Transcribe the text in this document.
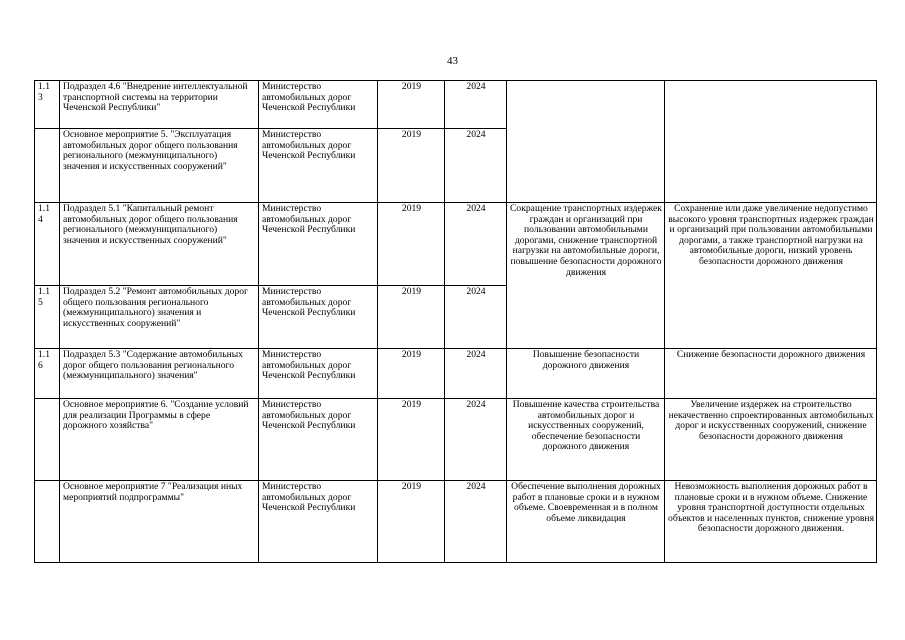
43
1.1
3	Подраздел 4.6 "Внедрение интеллектуальной транспортной системы на территории Чеченской Республики"	Министерство автомобильных дорог Чеченской Республики	2019	2024		
	Основное мероприятие 5. "Эксплуатация автомобильных дорог общего пользования регионального (межмуниципального) значения и искусственных сооружений"	Министерство автомобильных дорог Чеченской Республики	2019	2024		
1.1
4	Подраздел 5.1 "Капитальный ремонт автомобильных дорог общего пользования регионального (межмуниципального) значения и искусственных сооружений"	Министерство автомобильных дорог Чеченской Республики	2019	2024	Сокращение транспортных издержек граждан и организаций при пользовании автомобильными дорогами, снижение транспортной нагрузки на автомобильные дороги, повышение безопасности дорожного движения	Сохранение или даже увеличение недопустимо высокого уровня транспортных издержек граждан и организаций при пользовании автомобильными дорогами, а также транспортной нагрузки на автомобильные дороги, низкий уровень безопасности дорожного движения
1.1
5	Подраздел 5.2 "Ремонт автомобильных дорог общего пользования регионального (межмуниципального) значения и искусственных сооружений"	Министерство автомобильных дорог Чеченской Республики	2019	2024		
1.1
6	Подраздел 5.3 "Содержание автомобильных дорог общего пользования регионального (межмуниципального) значения"	Министерство автомобильных дорог Чеченской Республики	2019	2024	Повышение безопасности дорожного движения	Снижение безопасности дорожного движения
	Основное мероприятие 6. "Создание условий для реализации Программы в сфере дорожного хозяйства"	Министерство автомобильных дорог Чеченской Республики	2019	2024	Повышение качества строительства автомобильных дорог и искусственных сооружений, обеспечение безопасности дорожного движения	Увеличение издержек на строительство некачественно спроектированных автомобильных дорог и искусственных сооружений, снижение безопасности дорожного движения
	Основное мероприятие 7 "Реализация иных мероприятий подпрограммы"	Министерство автомобильных дорог Чеченской Республики	2019	2024	Обеспечение выполнения дорожных работ в плановые сроки и в нужном объеме. Своевременная и в полном объеме ликвидация	Невозможность выполнения дорожных работ в плановые сроки и в нужном объеме. Снижение уровня транспортной доступности отдельных объектов и населенных пунктов, снижение уровня безопасности дорожного движения.
